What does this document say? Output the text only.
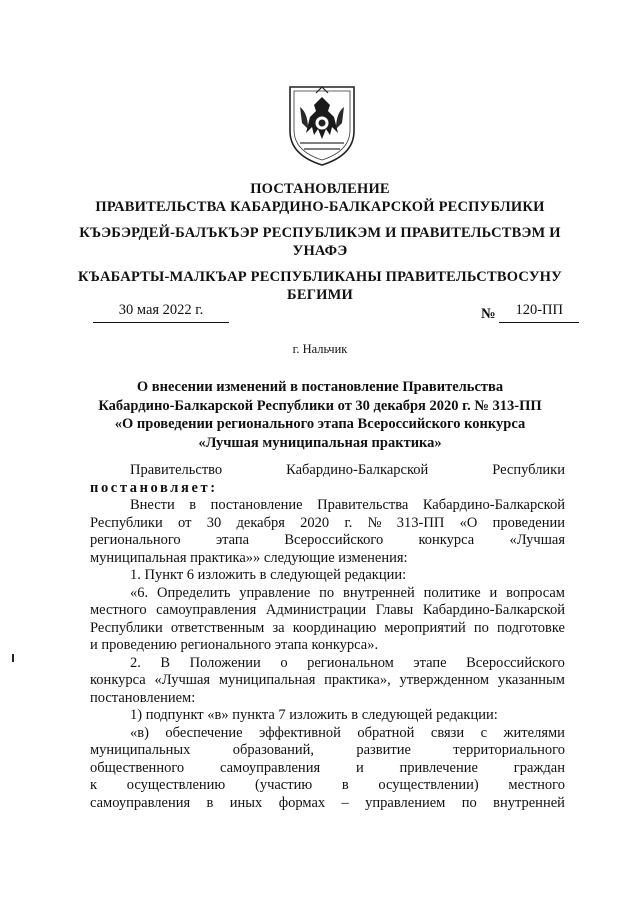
ПОСТАНОВЛЕНИЕ
ПРАВИТЕЛЬСТВА КАБАРДИНО-БАЛКАРСКОЙ РЕСПУБЛИКИ
КЪЭБЭРДЕЙ-БАЛЪКЪЭР РЕСПУБЛИКЭМ И ПРАВИТЕЛЬСТВЭМ И
УНАФЭ
КЪАБАРТЫ-МАЛКЪАР РЕСПУБЛИКАНЫ ПРАВИТЕЛЬСТВОСУНУ
БЕГИМИ
30 мая 2022 г.	№ 120-ПП
г. Нальчик
О внесении изменений в постановление Правительства
Кабардино-Балкарской Республики от 30 декабря 2020 г. № 313-ПП
«О проведении регионального этапа Всероссийского конкурса
«Лучшая муниципальная практика»
Правительство	Кабардино-Балкарской	Республики
постановляет:
Внести в постановление Правительства Кабардино-Балкарской
Республики от 30 декабря 2020 г. № 313-ПП «О проведении
регионального этапа Всероссийского конкурса «Лучшая
муниципальная практика»» следующие изменения:
1. Пункт 6 изложить в следующей редакции:
«6. Определить управление по внутренней политике и вопросам
местного самоуправления Администрации Главы Кабардино-Балкарской
Республики ответственным за координацию мероприятий по подготовке
и проведению регионального этапа конкурса».
2. В Положении о региональном этапе Всероссийского
конкурса «Лучшая муниципальная практика», утвержденном указанным
постановлением:
1) подпункт «в» пункта 7 изложить в следующей редакции:
«в) обеспечение эффективной обратной связи с жителями
муниципальных	образований,	развитие	территориального
общественного самоуправления и привлечение граждан
к осуществлению (участию в осуществлении) местного
самоуправления в иных формах – управлением по внутренней
